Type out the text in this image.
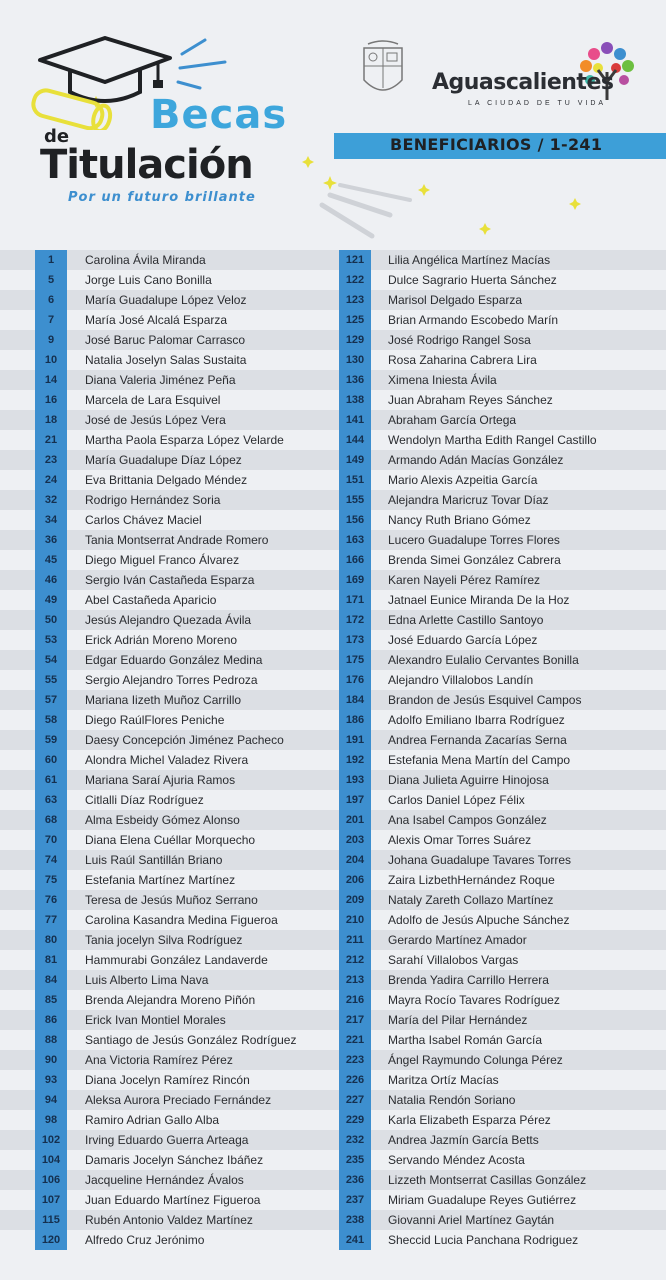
Becas
de
Titulación
Por un futuro brillante
Aguascalientes
LA CIUDAD DE TU VIDA
BENEFICIARIOS / 1-241
1	Carolina Ávila Miranda	121	Lilia Angélica Martínez Macías
5	Jorge Luis Cano Bonilla	122	Dulce Sagrario Huerta Sánchez
6	María Guadalupe López Veloz	123	Marisol Delgado Esparza
7	María José Alcalá Esparza	125	Brian Armando Escobedo Marín
9	José Baruc Palomar Carrasco	129	José Rodrigo Rangel Sosa
10	Natalia Joselyn Salas Sustaita	130	Rosa Zaharina Cabrera Lira
14	Diana Valeria Jiménez Peña	136	Ximena Iniesta Ávila
16	Marcela de Lara Esquivel	138	Juan Abraham Reyes Sánchez
18	José de Jesús López Vera	141	Abraham García Ortega
21	Martha Paola Esparza López Velarde	144	Wendolyn Martha Edith Rangel Castillo
23	María Guadalupe Díaz López	149	Armando Adán Macías González
24	Eva Brittania Delgado Méndez	151	Mario Alexis Azpeitia García
32	Rodrigo Hernández Soria	155	Alejandra Maricruz Tovar Díaz
34	Carlos Chávez Maciel	156	Nancy Ruth Briano Gómez
36	Tania Montserrat Andrade Romero	163	Lucero Guadalupe Torres Flores
45	Diego Miguel Franco Álvarez	166	Brenda Simei González Cabrera
46	Sergio Iván Castañeda Esparza	169	Karen Nayeli Pérez Ramírez
49	Abel Castañeda Aparicio	171	Jatnael Eunice Miranda De la Hoz
50	Jesús Alejandro Quezada Ávila	172	Edna Arlette Castillo Santoyo
53	Erick Adrián Moreno Moreno	173	José Eduardo García López
54	Edgar Eduardo González Medina	175	Alexandro Eulalio Cervantes Bonilla
55	Sergio Alejandro Torres Pedroza	176	Alejandro Villalobos Landín
57	Mariana Iizeth Muñoz Carrillo	184	Brandon de Jesús Esquivel Campos
58	Diego RaúlFlores Peniche	186	Adolfo Emiliano Ibarra Rodríguez
59	Daesy Concepción Jiménez Pacheco	191	Andrea Fernanda Zacarías Serna
60	Alondra Michel Valadez Rivera	192	Estefania Mena Martín del Campo
61	Mariana Saraí Ajuria Ramos	193	Diana Julieta Aguirre Hinojosa
63	Citlalli Díaz Rodríguez	197	Carlos Daniel López Félix
68	Alma Esbeidy Gómez Alonso	201	Ana Isabel Campos González
70	Diana Elena Cuéllar Morquecho	203	Alexis Omar Torres Suárez
74	Luis Raúl Santillán Briano	204	Johana Guadalupe Tavares Torres
75	Estefania Martínez Martínez	206	Zaira LizbethHernández Roque
76	Teresa de Jesús Muñoz Serrano	209	Nataly Zareth Collazo Martínez
77	Carolina Kasandra Medina Figueroa	210	Adolfo de Jesús Alpuche Sánchez
80	Tania jocelyn Silva Rodríguez	211	Gerardo Martínez Amador
81	Hammurabi González Landaverde	212	Sarahí Villalobos Vargas
84	Luis Alberto Lima Nava	213	Brenda Yadira Carrillo Herrera
85	Brenda Alejandra Moreno Piñón	216	Mayra Rocío Tavares Rodríguez
86	Erick Ivan Montiel Morales	217	María del Pilar Hernández
88	Santiago de Jesús González Rodríguez	221	Martha Isabel Román García
90	Ana Victoria Ramírez Pérez	223	Ángel Raymundo Colunga Pérez
93	Diana Jocelyn Ramírez Rincón	226	Maritza Ortíz Macías
94	Aleksa Aurora Preciado Fernández	227	Natalia Rendón Soriano
98	Ramiro Adrian Gallo Alba	229	Karla Elizabeth Esparza Pérez
102	Irving Eduardo Guerra Arteaga	232	Andrea Jazmín García Betts
104	Damaris Jocelyn Sánchez Ibáñez	235	Servando Méndez Acosta
106	Jacqueline Hernández Ávalos	236	Lizzeth Montserrat Casillas González
107	Juan Eduardo Martínez Figueroa	237	Miriam Guadalupe Reyes Gutiérrez
115	Rubén Antonio Valdez Martínez	238	Giovanni Ariel Martínez Gaytán
120	Alfredo Cruz Jerónimo	241	Sheccid Lucia Panchana Rodriguez
